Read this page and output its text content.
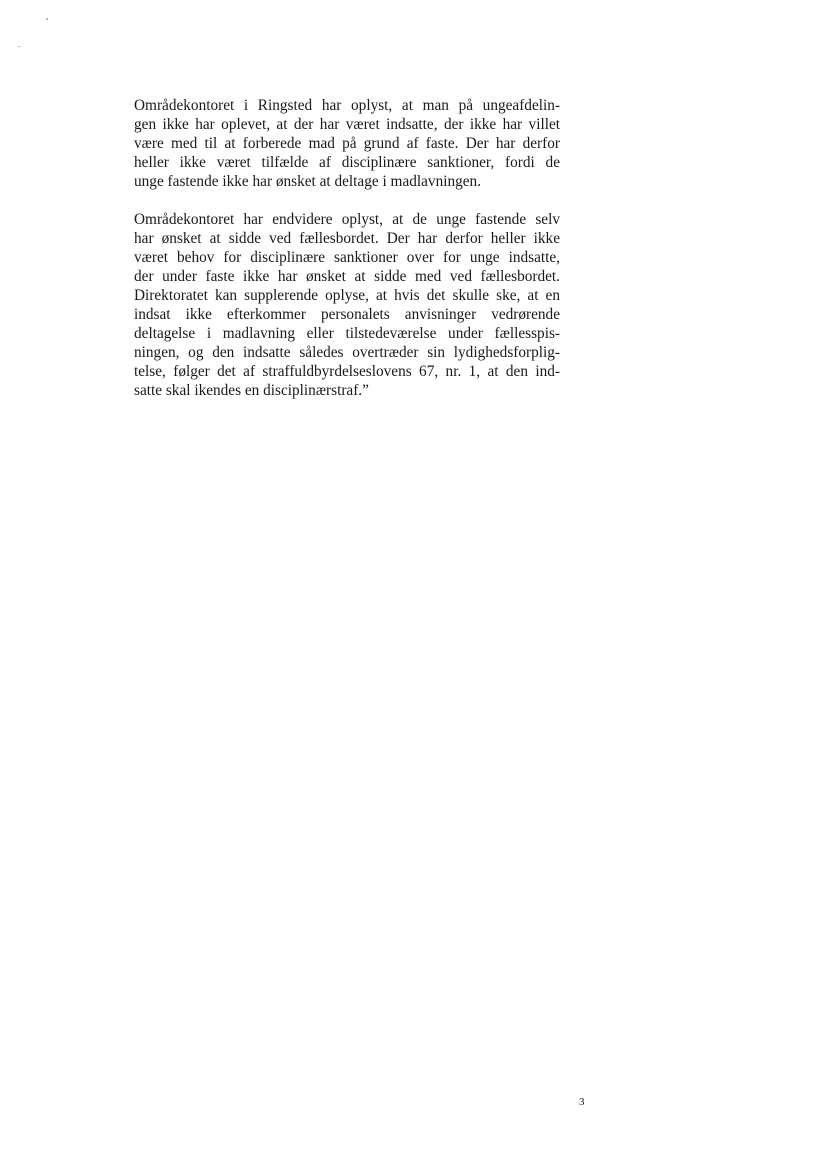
Områdekontoret i Ringsted har oplyst, at man på ungeafdelin-
gen ikke har oplevet, at der har været indsatte, der ikke har villet
være med til at forberede mad på grund af faste. Der har derfor
heller ikke været tilfælde af disciplinære sanktioner, fordi de
unge fastende ikke har ønsket at deltage i madlavningen.
Områdekontoret har endvidere oplyst, at de unge fastende selv
har ønsket at sidde ved fællesbordet. Der har derfor heller ikke
været behov for disciplinære sanktioner over for unge indsatte,
der under faste ikke har ønsket at sidde med ved fællesbordet.
Direktoratet kan supplerende oplyse, at hvis det skulle ske, at en
indsat ikke efterkommer personalets anvisninger vedrørende
deltagelse i madlavning eller tilstedeværelse under fællesspis-
ningen, og den indsatte således overtræder sin lydighedsforplig-
telse, følger det af straffuldbyrdelseslovens 67, nr. 1, at den ind-
satte skal ikendes en disciplinærstraf.”
3
